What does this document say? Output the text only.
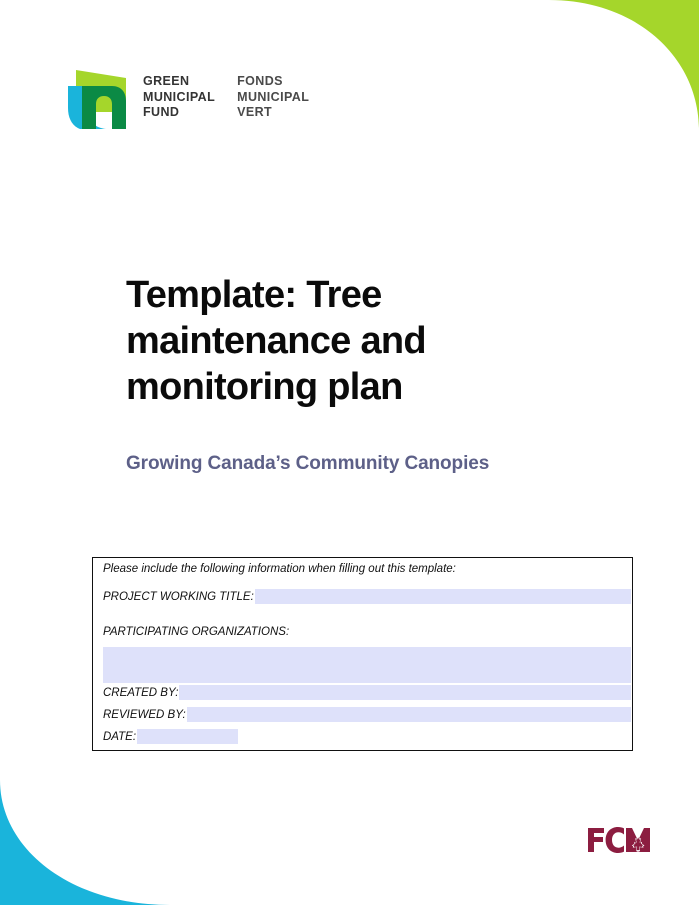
GREEN
MUNICIPAL
FUND
FONDS
MUNICIPAL
VERT
Template: Tree
maintenance and
monitoring plan

Growing Canada’s Community Canopies

Please include the following information when filling out this template:
PROJECT WORKING TITLE:
PARTICIPATING ORGANIZATIONS:
CREATED BY:
REVIEWED BY:
DATE:
